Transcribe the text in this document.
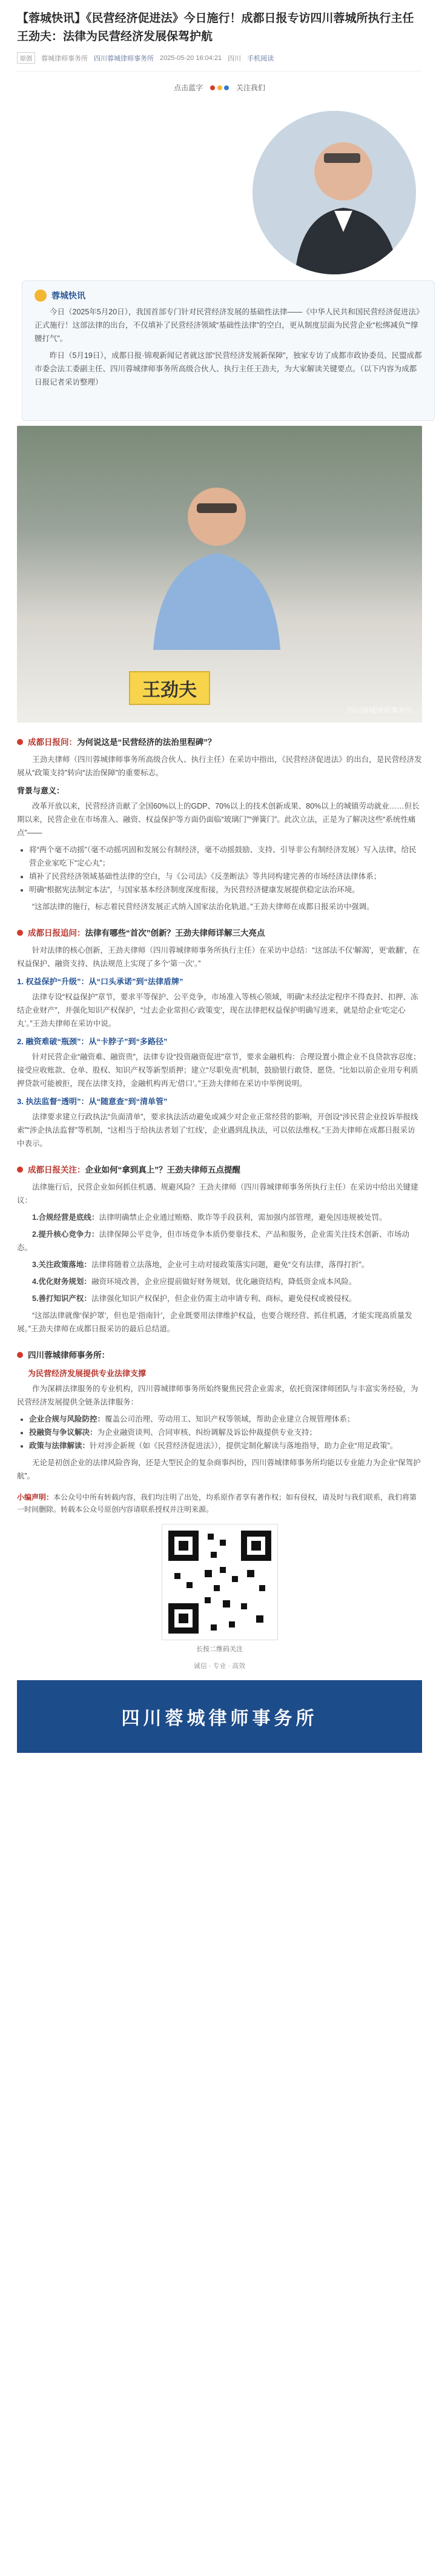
【蓉城快讯】《民营经济促进法》今日施行！成都日报专访四川蓉城所执行主任王劲夫：法律为民营经济发展保驾护航
原创	蓉城律师事务所 四川蓉城律师事务所 2025-05-20 16:04:21 四川 手机阅读
点击蓝字
	关注我们
蓉城快讯

今日（2025年5月20日），我国首部专门针对民营经济发展的基础性法律——《中华人民共和国民营经济促进法》正式施行！这部法律的出台，不仅填补了民营经济领域“基础性法律”的空白，更从制度层面为民营企业“松绑减负”“撑腰打气”。

昨日（5月19日），成都日报·锦观新闻记者就这部“民营经济发展新保障”，独家专访了成都市政协委员、民盟成都市委会法工委副主任、四川蓉城律师事务所高级合伙人、执行主任王劲夫，为大家解读关键要点。（以下内容为成都日报记者采访整理）

王劲夫
四川蓉城律师事务所
成都日报问：为何说这是“民营经济的法治里程碑”？

王劲夫律师（四川蓉城律师事务所高级合伙人、执行主任）在采访中指出，《民营经济促进法》的出台，是民营经济发展从“政策支持”转向“法治保障”的重要标志。

背景与意义：

改革开放以来，民营经济贡献了全国60%以上的GDP、70%以上的技术创新成果、80%以上的城镇劳动就业……但长期以来，民营企业在市场准入、融资、权益保护等方面仍面临“玻璃门”“弹簧门”。此次立法，正是为了解决这些“系统性痛点”——

• 将“两个毫不动摇”（毫不动摇巩固和发展公有制经济，毫不动摇鼓励、支持、引导非公有制经济发展）写入法律，给民营企业家吃下“定心丸”；
• 填补了民营经济领域基础性法律的空白，与《公司法》《反垄断法》等共同构建完善的市场经济法律体系；
• 明确“根据宪法制定本法”，与国家基本经济制度深度衔接，为民营经济健康发展提供稳定法治环境。

“这部法律的施行，标志着民营经济发展正式纳入国家法治化轨道。”王劲夫律师在成都日报采访中强调。

成都日报追问：法律有哪些“首次”创新？王劲夫律师详解三大亮点

针对法律的核心创新，王劲夫律师（四川蓉城律师事务所执行主任）在采访中总结：“这部法不仅‘解渴’，更‘敢翻’，在权益保护、融资支持、执法规范上实现了多个‘第一次’。”

1. 权益保护“升级”：从“口头承诺”到“法律盾牌”

法律专设“权益保护”章节，要求平等保护、公平竞争，市场准入等核心领域，明确“未经法定程序不得查封、扣押、冻结企业财产”，并强化知识产权保护，“过去企业常担心‘政策变’，现在法律把权益保护明确写进来，就是给企业‘吃定心丸’。”王劲夫律师在采访中说。

2. 融资难破“瓶颈”：从“卡脖子”到“多路径”

针对民营企业“融资难、融资贵”，法律专设“投资融资促进”章节，要求金融机构：合理设置小微企业不良贷款容忍度；接受应收账款、仓单、股权、知识产权等新型质押；建立“尽职免责”机制，鼓励银行敢贷、愿贷。“比如以前企业用专利质押贷款可能被拒，现在法律支持，金融机构再无‘借口’。”王劲夫律师在采访中举例说明。

3. 执法监督“透明”：从“随意查”到“清单管”

法律要求建立行政执法“负面清单”，要求执法活动避免或减少对企业正常经营的影响，开创设“涉民营企业投诉举报线索”“涉企执法监督”等机制，“这相当于给执法者划了‘红线’，企业遇到乱执法，可以依法维权。”王劲夫律师在成都日报采访中表示。

成都日报关注：企业如何“拿到真上”？王劲夫律师五点提醒

法律施行后，民营企业如何抓住机遇、规避风险？王劲夫律师（四川蓉城律师事务所执行主任）在采访中给出关键建议：

1.合规经营是底线：法律明确禁止企业通过贿赂、欺诈等手段获利，需加强内部管理，避免因违规被处罚。

2.提升核心竞争力：法律保障公平竞争，但市场竞争本质仍要靠技术、产品和服务，企业需关注技术创新、市场动态。

3.关注政策落地：法律将随着立法落地，企业可主动对接政策落实问题，避免“交有法律，落得打折”。

4.优化财务规划：融资环境改善，企业应提前做好财务规划，优化融资结构，降低资金成本风险。

5.善打知识产权：法律强化知识产权保护，但企业仍需主动申请专利、商标，避免侵权或被侵权。

“这部法律就像‘保护罩’，但也是‘指南针’，企业既要用法律维护权益，也要合规经营、抓住机遇，才能实现高质量发展。”王劲夫律师在成都日报采访的最后总结道。

四川蓉城律师事务所：
为民营经济发展提供专业法律支撑

作为深耕法律服务的专业机构，四川蓉城律师事务所始终聚焦民营企业需求，依托资深律师团队与丰富实务经验，为民营经济发展提供全链条法律服务：

• 企业合规与风险防控：覆盖公司治理、劳动用工、知识产权等领域，帮助企业建立合规管理体系；
• 投融资与争议解决：为企业融资谈判、合同审核、纠纷调解及诉讼仲裁提供专业支持；
• 政策与法律解读：针对涉企新规（如《民营经济促进法》），提供定制化解读与落地指导，助力企业“用足政策”。

无论是初创企业的法律风险咨询，还是大型民企的复杂商事纠纷，四川蓉城律师事务所均能以专业能力为企业“保驾护航”。

小编声明：本公众号中所有转载内容，我们均注明了出处，均系原作者享有著作权；如有侵权，请及时与我们联系，我们将第一时间删除。转载本公众号原创内容请联系授权并注明来源。
长按二维码关注
诚信 · 专业 · 高效
四川蓉城律师事务所
